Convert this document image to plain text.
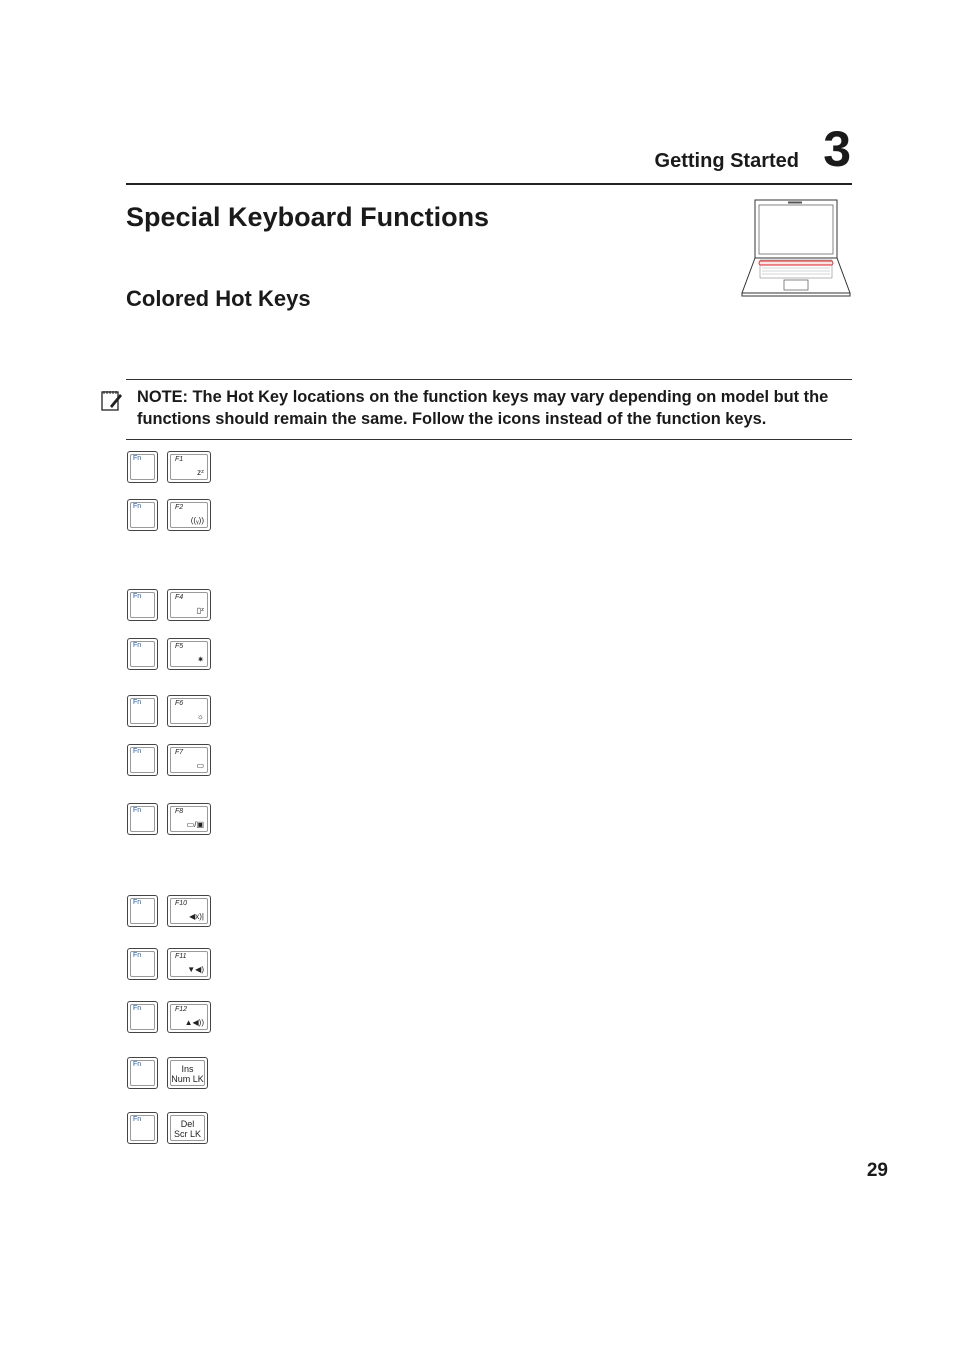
Getting Started 3
Special Keyboard Functions
Colored Hot Keys
NOTE: The Hot Key locations on the function keys may vary depending on model but the functions should remain the same. Follow the icons instead of the function keys.
Fn	F1
zᶻ
Fn	F2
((ᵧ))
Fn	F4
▯ᶻ
Fn	F5
✷
Fn	F6
☼
Fn	F7
▭
Fn	F8
▭/▣
Fn	F10
◀x)|
Fn	F11
▼◀)
Fn	F12
▲◀))
Fn	Ins
Num LK
Fn	Del
Scr LK
29
